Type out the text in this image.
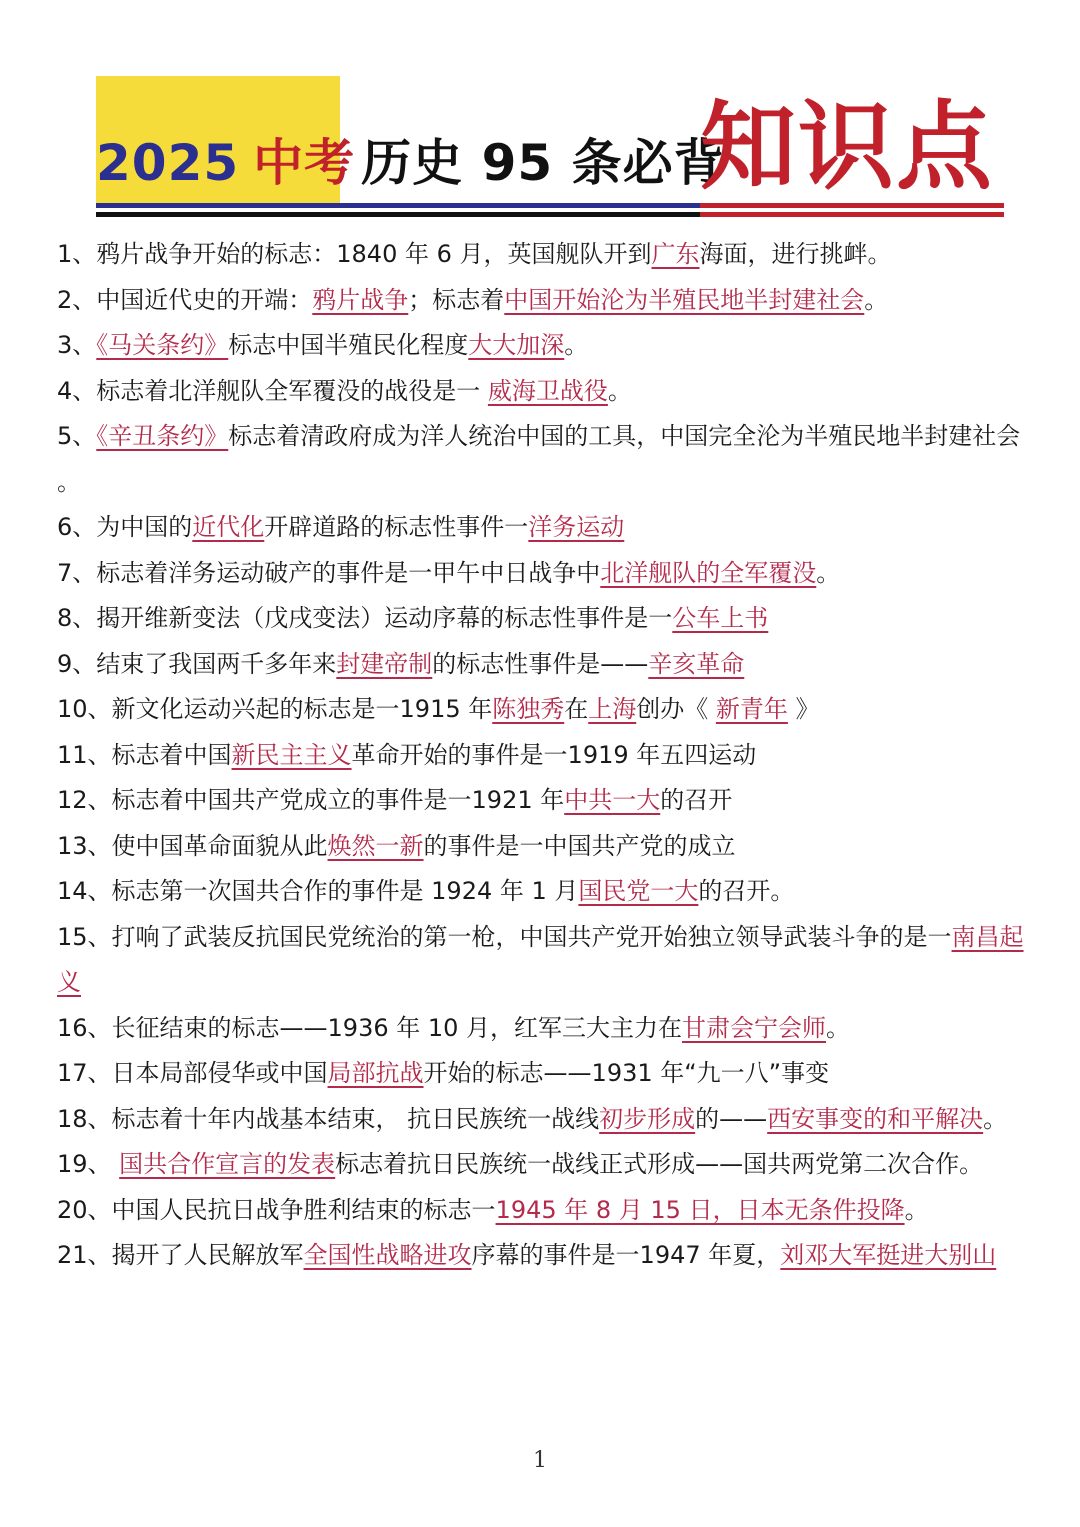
2025 中考 历史 95 条必背
知识点

1、鸦片战争开始的标志：1840 年 6 月，英国舰队开到广东海面，进行挑衅。

2、中国近代史的开端：鸦片战争；标志着中国开始沦为半殖民地半封建社会。

3、《马关条约》标志中国半殖民化程度大大加深。

4、标志着北洋舰队全军覆没的战役是一 威海卫战役。

5、《辛丑条约》标志着清政府成为洋人统治中国的工具，中国完全沦为半殖民地半封建社会 。

6、为中国的近代化开辟道路的标志性事件一洋务运动

7、标志着洋务运动破产的事件是一甲午中日战争中北洋舰队的全军覆没。

8、揭开维新变法（戊戌变法）运动序幕的标志性事件是一公车上书

9、结束了我国两千多年来封建帝制的标志性事件是——辛亥革命

10、新文化运动兴起的标志是一1915 年陈独秀在上海创办《 新青年 》

11、标志着中国新民主主义革命开始的事件是一1919 年五四运动

12、标志着中国共产党成立的事件是一1921 年中共一大的召开

13、使中国革命面貌从此焕然一新的事件是一中国共产党的成立

14、标志第一次国共合作的事件是 1924 年 1 月国民党一大的召开。

15、打响了武装反抗国民党统治的第一枪，中国共产党开始独立领导武装斗争的是一南昌起义

16、长征结束的标志——1936 年 10 月，红军三大主力在甘肃会宁会师。

17、日本局部侵华或中国局部抗战开始的标志——1931 年“九一八”事变

18、标志着十年内战基本结束， 抗日民族统一战线初步形成的——西安事变的和平解决。

19、 国共合作宣言的发表标志着抗日民族统一战线正式形成——国共两党第二次合作。

20、中国人民抗日战争胜利结束的标志一1945 年 8 月 15 日，日本无条件投降。

21、揭开了人民解放军全国性战略进攻序幕的事件是一1947 年夏，刘邓大军挺进大别山

1
